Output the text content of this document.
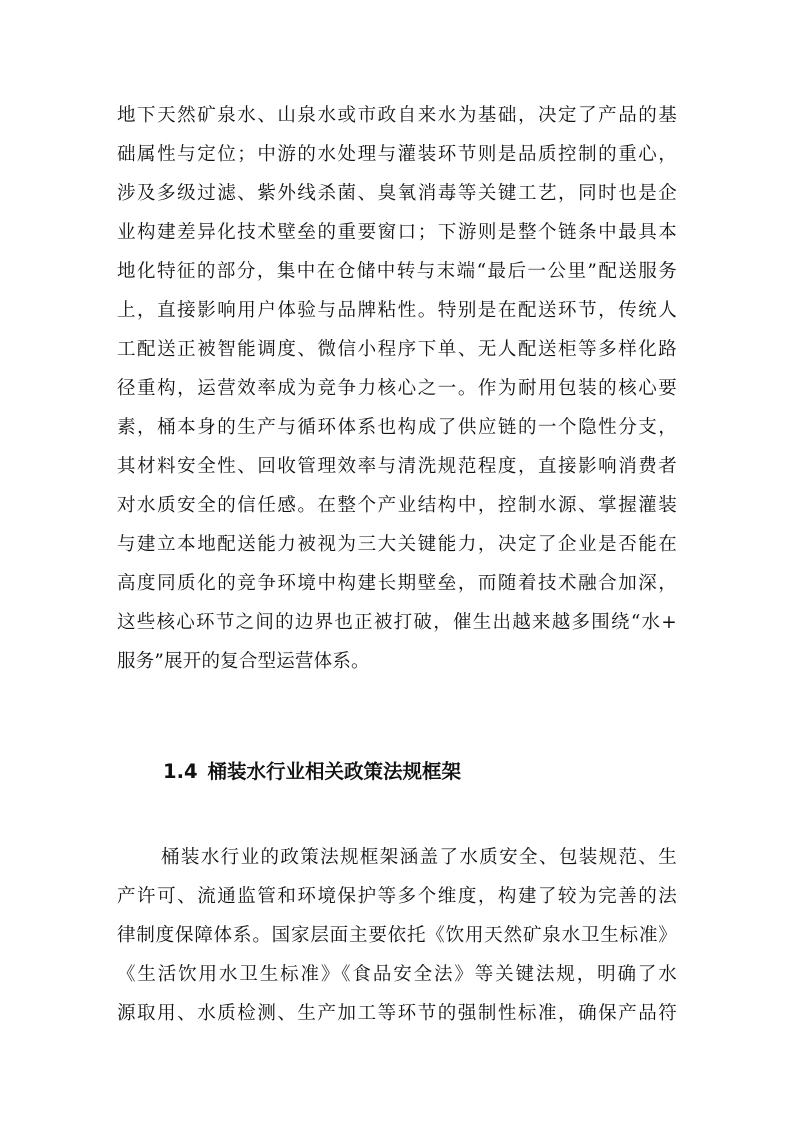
地下天然矿泉水、山泉水或市政自来水为基础，决定了产品的基
础属性与定位；中游的水处理与灌装环节则是品质控制的重心，
涉及多级过滤、紫外线杀菌、臭氧消毒等关键工艺，同时也是企
业构建差异化技术壁垒的重要窗口；下游则是整个链条中最具本
地化特征的部分，集中在仓储中转与末端“最后一公里”配送服务
上，直接影响用户体验与品牌粘性。特别是在配送环节，传统人
工配送正被智能调度、微信小程序下单、无人配送柜等多样化路
径重构，运营效率成为竞争力核心之一。作为耐用包装的核心要
素，桶本身的生产与循环体系也构成了供应链的一个隐性分支，
其材料安全性、回收管理效率与清洗规范程度，直接影响消费者
对水质安全的信任感。在整个产业结构中，控制水源、掌握灌装
与建立本地配送能力被视为三大关键能力，决定了企业是否能在
高度同质化的竞争环境中构建长期壁垒，而随着技术融合加深，
这些核心环节之间的边界也正被打破，催生出越来越多围绕“水+
服务”展开的复合型运营体系。
1.4 桶装水行业相关政策法规框架
桶装水行业的政策法规框架涵盖了水质安全、包装规范、生
产许可、流通监管和环境保护等多个维度，构建了较为完善的法
律制度保障体系。国家层面主要依托《饮用天然矿泉水卫生标准》
《生活饮用水卫生标准》《食品安全法》等关键法规，明确了水
源取用、水质检测、生产加工等环节的强制性标准，确保产品符
